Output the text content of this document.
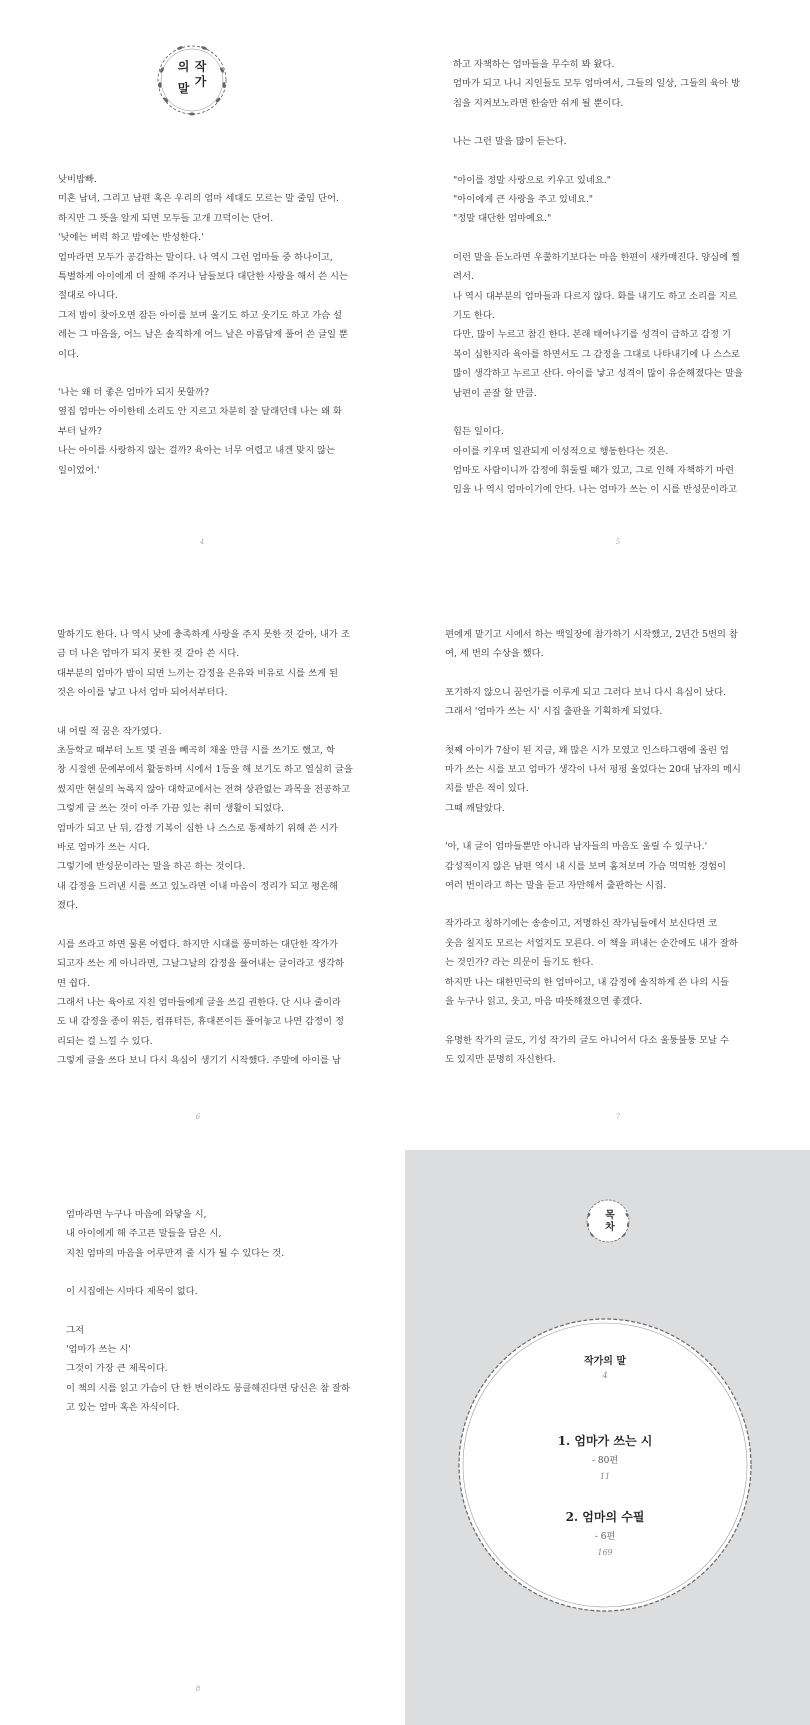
작가의 말
낮비밤빠.
미혼 남녀, 그리고 남편 혹은 우리의 엄마 세대도 모르는 말 줄임 단어.
하지만 그 뜻을 알게 되면 모두들 고개 끄덕이는 단어.
'낮에는 버럭 하고 밤에는 반성한다.'
엄마라면 모두가 공감하는 말이다. 나 역시 그런 엄마들 중 하나이고,
특별하게 아이에게 더 잘해 주거나 남들보다 대단한 사랑을 해서 쓴 시는
절대로 아니다.
그저 밤이 찾아오면 잠든 아이를 보며 울기도 하고 웃기도 하고 가슴 설
레는 그 마음을, 어느 날은 솔직하게 어느 날은 아름답게 풀어 쓴 글일 뿐
이다.
'나는 왜 더 좋은 엄마가 되지 못할까?
옆집 엄마는 아이한테 소리도 안 지르고 차분히 잘 달래던데 나는 왜 화
부터 날까?
나는 아이를 사랑하지 않는 걸까? 육아는 너무 어렵고 내겐 맞지 않는
일이었어.'
4
하고 자책하는 엄마들을 무수히 봐 왔다.
엄마가 되고 나니 지인들도 모두 엄마여서, 그들의 일상, 그들의 육아 방
침을 지켜보노라면 한숨만 쉬게 될 뿐이다.
나는 그런 말을 많이 듣는다.
"아이를 정말 사랑으로 키우고 있네요."
"아이에게 큰 사랑을 주고 있네요."
"정말 대단한 엄마예요."
이런 말을 듣노라면 우쭐하기보다는 마음 한편이 새카매진다. 양심에 찔
려서.
나 역시 대부분의 엄마들과 다르지 않다. 화를 내기도 하고 소리를 지르
기도 한다.
다만, 많이 누르고 참긴 한다. 본래 태어나기를 성격이 급하고 감정 기
복이 심한지라 육아를 하면서도 그 감정을 그대로 나타내기에 나 스스로
많이 생각하고 누르고 산다. 아이를 낳고 성격이 많이 유순해졌다는 말을
남편이 곧잘 할 만큼.
힘든 일이다.
아이를 키우며 일관되게 이성적으로 행동한다는 것은.
엄마도 사람이니까 감정에 휘둘릴 때가 있고, 그로 인해 자책하기 마련
임을 나 역시 엄마이기에 안다. 나는 엄마가 쓰는 이 시를 반성문이라고
5
말하기도 한다. 나 역시 낮에 충족하게 사랑을 주지 못한 것 같아, 내가 조
금 더 나은 엄마가 되지 못한 것 같아 쓴 시다.
대부분의 엄마가 밤이 되면 느끼는 감정을 은유와 비유로 시를 쓰게 된
것은 아이를 낳고 나서 엄마 되어서부터다.
내 어릴 적 꿈은 작가였다.
초등학교 때부터 노트 몇 권을 빼곡히 채울 만큼 시를 쓰기도 했고, 학
창 시절엔 문예부에서 활동하며 시에서 1등을 해 보기도 하고 열심히 글을
썼지만 현실의 녹록지 않아 대학교에서는 전혀 상관없는 과목을 전공하고
그렇게 글 쓰는 것이 아주 가끔 있는 취미 생활이 되었다.
엄마가 되고 난 뒤, 감정 기복이 심한 나 스스로 통제하기 위해 쓴 시가
바로 엄마가 쓰는 시다.
그렇기에 반성문이라는 말을 하곤 하는 것이다.
내 감정을 드러낸 시를 쓰고 있노라면 이내 마음이 정리가 되고 평온해
졌다.
시를 쓰라고 하면 물론 어렵다. 하지만 시대를 풍미하는 대단한 작가가
되고자 쓰는 게 아니라면, 그날그날의 감정을 풀어내는 글이라고 생각하
면 쉽다.
그래서 나는 육아로 지친 엄마들에게 글을 쓰길 권한다. 단 시나 줄이라
도 내 감정을 종이 위든, 컴퓨터든, 휴대폰이든 풀어놓고 나면 감정이 정
리되는 걸 느낄 수 있다.
그렇게 글을 쓰다 보니 다시 욕심이 생기기 시작했다. 주말에 아이를 남
6
편에게 맡기고 시에서 하는 백일장에 참가하기 시작했고, 2년간 5번의 참
여, 세 번의 수상을 했다.
포기하지 않으니 꿈언가를 이루게 되고 그러다 보니 다시 욕심이 났다.
그래서 '엄마가 쓰는 시' 시집 출판을 기획하게 되었다.
첫째 아이가 7살이 된 지금, 꽤 많은 시가 모였고 인스타그램에 올린 엄
마가 쓰는 시를 보고 엄마가 생각이 나서 펑펑 울었다는 20대 남자의 메시
지를 받은 적이 있다.
그때 깨달았다.
'아, 내 글이 엄마들뿐만 아니라 남자들의 마음도 울릴 수 있구나.'
감성적이지 않은 남편 역시 내 시를 보며 훔쳐보며 가슴 먹먹한 경험이
여러 번이라고 하는 말을 듣고 자만해서 출판하는 시집.
작가라고 칭하기에는 송송이고, 저명하신 작가님들에서 보신다면 코
웃음 칠지도 모르는 서얼지도 모른다. 이 책을 펴내는 순간에도 내가 잘하
는 것인가? 라는 의문이 들기도 한다.
하지만 나는 대한민국의 한 엄마이고, 내 감정에 솔직하게 쓴 나의 시들
을 누구나 읽고, 웃고, 마음 따뜻해졌으면 좋겠다.
유명한 작가의 글도, 기성 작가의 글도 아니어서 다소 울퉁불퉁 모날 수
도 있지만 분명히 자신한다.
7
엄마라면 누구나 마음에 와닿을 시,
내 아이에게 해 주고픈 말들을 담은 시,
지친 엄마의 마음을 어루만져 줄 시가 될 수 있다는 것.
이 시집에는 시마다 제목이 없다.
그저
'엄마가 쓰는 시'
그것이 가장 큰 제목이다.
이 책의 시를 읽고 가슴이 단 한 번이라도 뭉클해진다면 당신은 참 잘하
고 있는 엄마 혹은 자식이다.
8
목차
작가의 말
4
1. 엄마가 쓰는 시
- 80편
11
2. 엄마의 수필
- 6편
169
